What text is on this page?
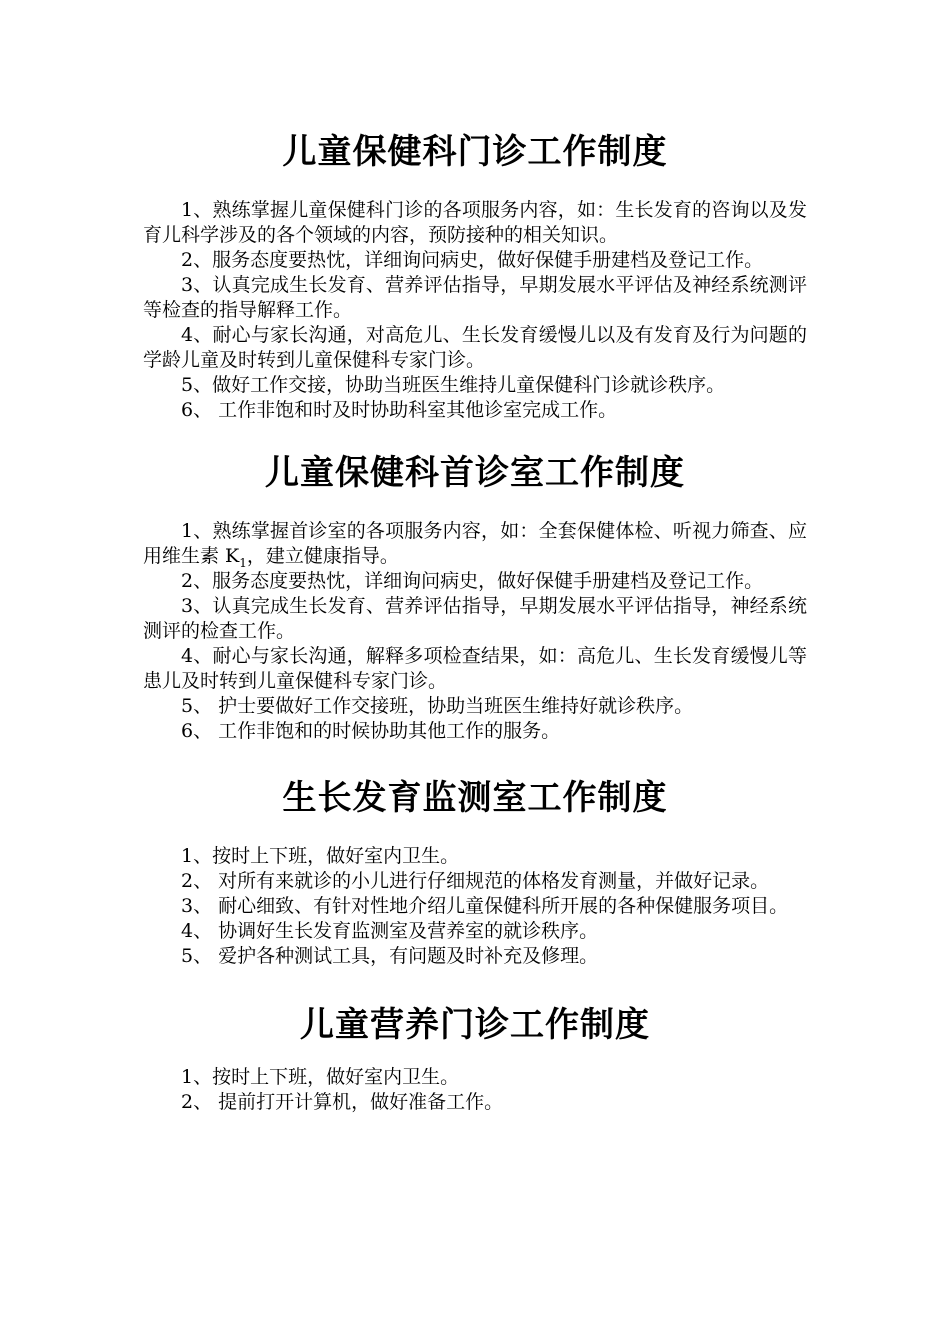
儿童保健科门诊工作制度

1、熟练掌握儿童保健科门诊的各项服务内容，如：生长发育的咨询以及发育儿科学涉及的各个领域的内容，预防接种的相关知识。

2、服务态度要热忱，详细询问病史，做好保健手册建档及登记工作。

3、认真完成生长发育、营养评估指导，早期发展水平评估及神经系统测评等检查的指导解释工作。

4、耐心与家长沟通，对高危儿、生长发育缓慢儿以及有发育及行为问题的学龄儿童及时转到儿童保健科专家门诊。

5、做好工作交接，协助当班医生维持儿童保健科门诊就诊秩序。

6、 工作非饱和时及时协助科室其他诊室完成工作。

儿童保健科首诊室工作制度

1、熟练掌握首诊室的各项服务内容，如：全套保健体检、听视力筛查、应用维生素 $K_1$，建立健康指导。

2、服务态度要热忱，详细询问病史，做好保健手册建档及登记工作。

3、认真完成生长发育、营养评估指导，早期发展水平评估指导，神经系统测评的检查工作。

4、耐心与家长沟通，解释多项检查结果，如：高危儿、生长发育缓慢儿等患儿及时转到儿童保健科专家门诊。

5、 护士要做好工作交接班，协助当班医生维持好就诊秩序。

6、 工作非饱和的时候协助其他工作的服务。

生长发育监测室工作制度

1、按时上下班，做好室内卫生。

2、 对所有来就诊的小儿进行仔细规范的体格发育测量，并做好记录。

3、 耐心细致、有针对性地介绍儿童保健科所开展的各种保健服务项目。

4、 协调好生长发育监测室及营养室的就诊秩序。

5、 爱护各种测试工具，有问题及时补充及修理。

儿童营养门诊工作制度

1、按时上下班，做好室内卫生。

2、 提前打开计算机，做好准备工作。
